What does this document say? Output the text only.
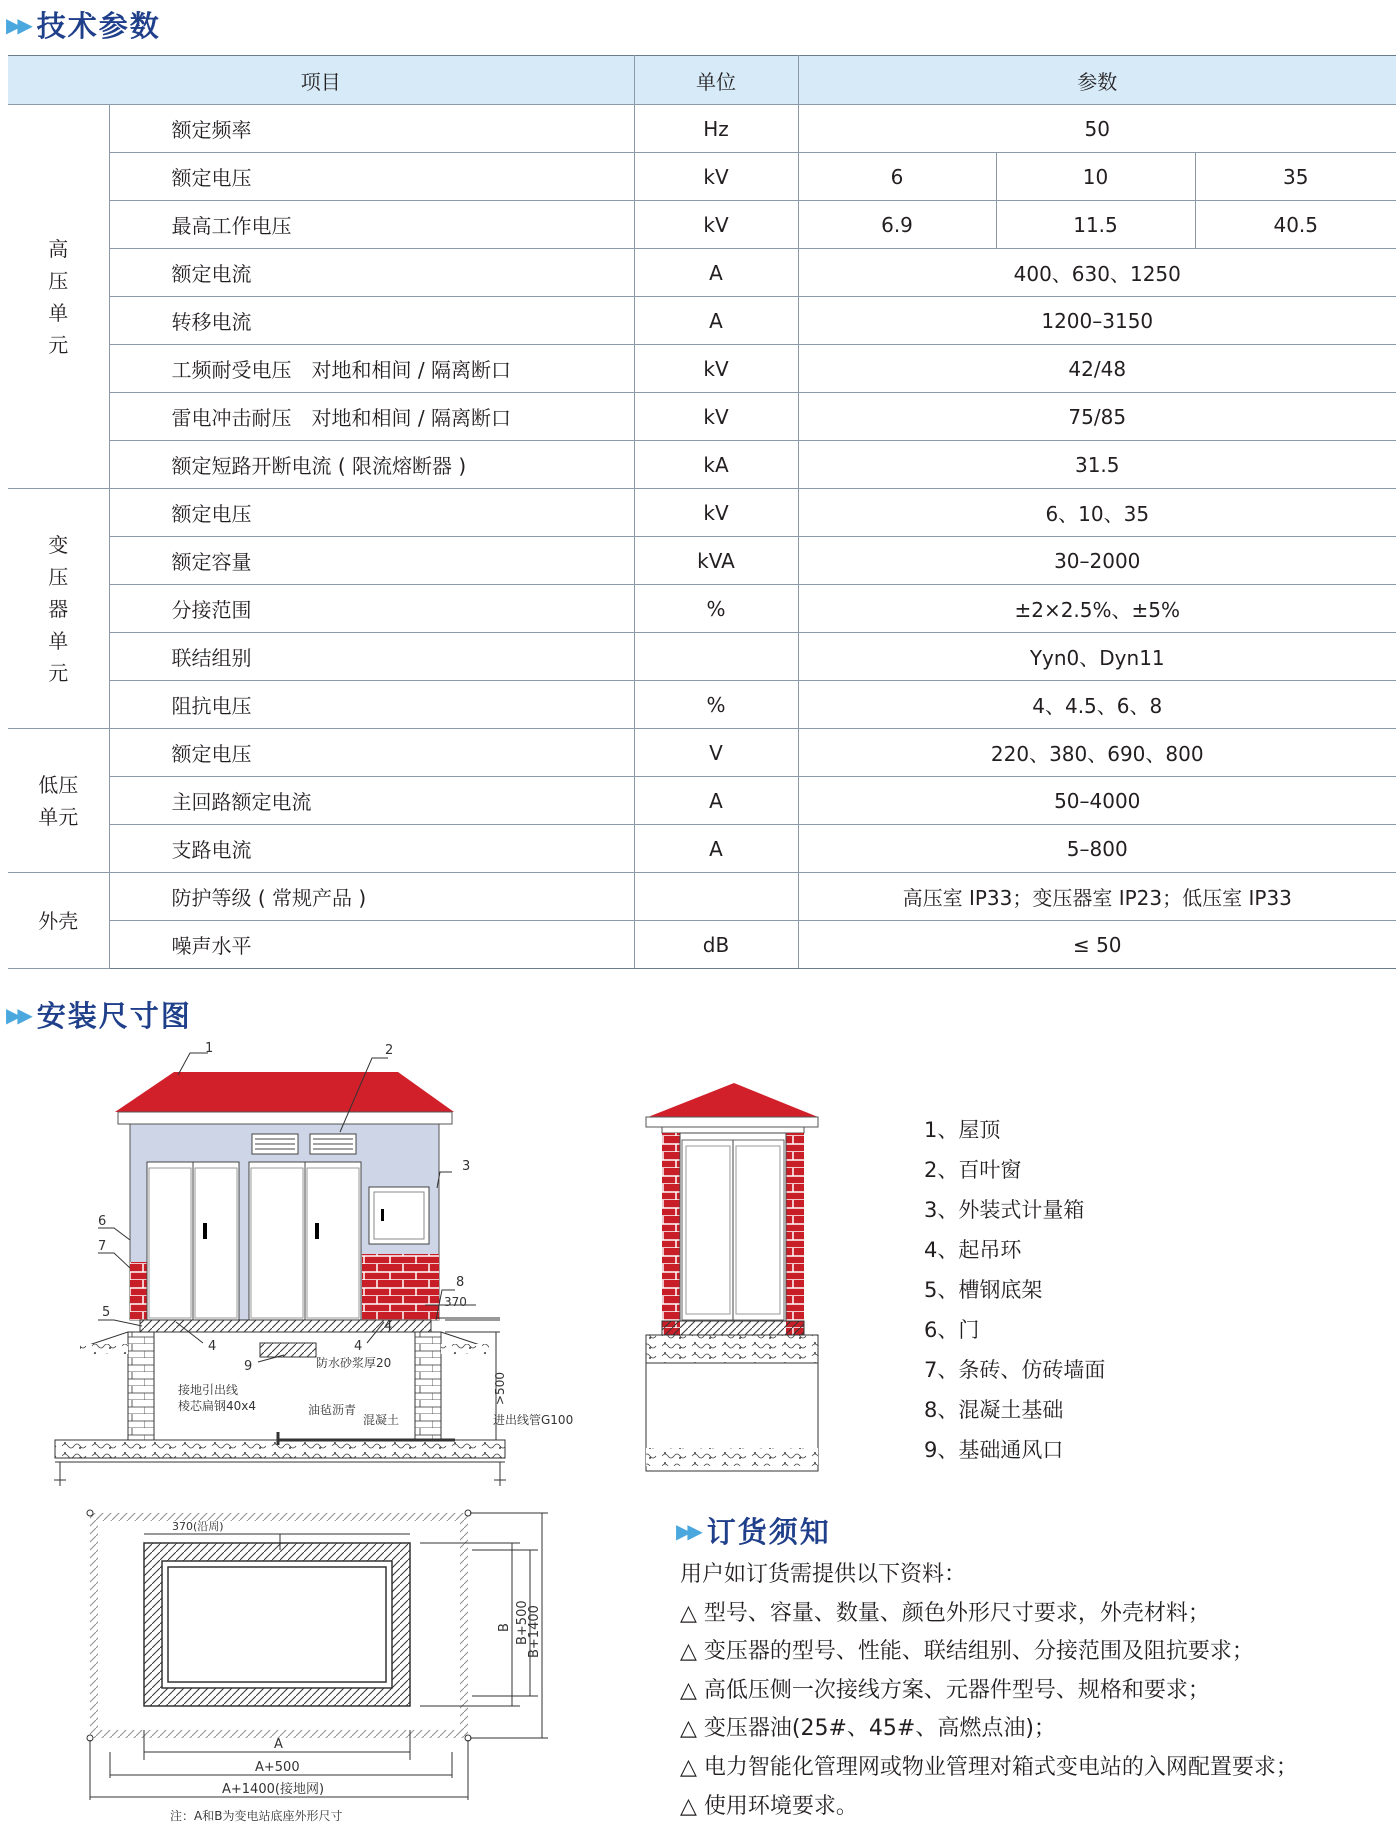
▶▶ 技术参数
项目		单位	参数		
高
压
单
元	额定频率	Hz	50		
	额定电压	kV	6	10	35
	最高工作电压	kV	6.9	11.5	40.5
	额定电流	A	400、630、1250		
	转移电流	A	1200–3150		
	工频耐受电压　对地和相间 / 隔离断口	kV	42/48		
	雷电冲击耐压　对地和相间 / 隔离断口	kV	75/85		
	额定短路开断电流 ( 限流熔断器 )	kA	31.5		
变
压
器
单
元	额定电压	kV	6、10、35		
	额定容量	kVA	30–2000		
	分接范围	%	±2×2.5%、±5%		
	联结组别		Yyn0、Dyn11		
	阻抗电压	%	4、4.5、6、8		
低压
单元	额定电压	V	220、380、690、800		
	主回路额定电流	A	50–4000		
	支路电流	A	5–800		
外壳	防护等级 ( 常规产品 )		高压室 IP33；变压器室 IP23；低压室 IP33		
	噪声水平	dB	≤ 50		
▶▶ 安装尺寸图
1	2
3
4	4
4
5
6
7
8
9
370
防水砂浆厚20
>500
接地引出线
棱芯扁钢40x4	油毡沥青
混凝土	进出线管G100
370(沿周)
A
A+500
A+1400(接地网)
B B+500
B+1400
注：A和B为变电站底座外形尺寸
1、屋顶
2、百叶窗
3、外装式计量箱
4、起吊环
5、槽钢底架
6、门
7、条砖、仿砖墙面
8、混凝土基础
9、基础通风口
▶▶ 订货须知
用户如订货需提供以下资料：
△ 型号、容量、数量、颜色外形尺寸要求，外壳材料；
△ 变压器的型号、性能、联结组别、分接范围及阻抗要求；
△ 高低压侧一次接线方案、元器件型号、规格和要求；
△ 变压器油(25#、45#、高燃点油)；
△ 电力智能化管理网或物业管理对箱式变电站的入网配置要求；
△ 使用环境要求。
